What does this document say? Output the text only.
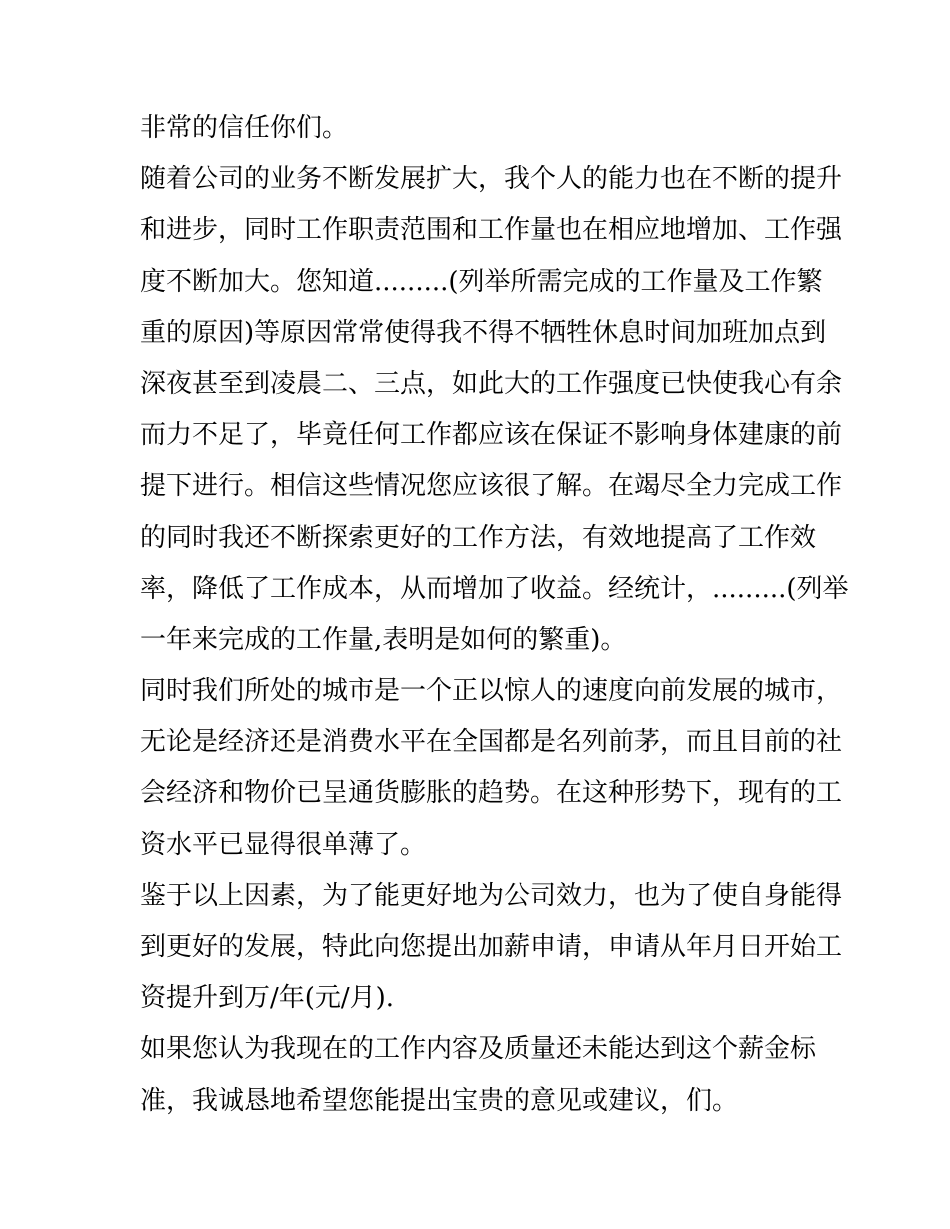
非常的信任你们。
随着公司的业务不断发展扩大，我个人的能力也在不断的提升
和进步，同时工作职责范围和工作量也在相应地增加、工作强
度不断加大。您知道.........(列举所需完成的工作量及工作繁
重的原因)等原因常常使得我不得不牺牲休息时间加班加点到
深夜甚至到凌晨二、三点，如此大的工作强度已快使我心有余
而力不足了，毕竟任何工作都应该在保证不影响身体建康的前
提下进行。相信这些情况您应该很了解。在竭尽全力完成工作
的同时我还不断探索更好的工作方法，有效地提高了工作效
率，降低了工作成本，从而增加了收益。经统计，.........(列举
一年来完成的工作量,表明是如何的繁重)。
同时我们所处的城市是一个正以惊人的速度向前发展的城市，
无论是经济还是消费水平在全国都是名列前茅，而且目前的社
会经济和物价已呈通货膨胀的趋势。在这种形势下，现有的工
资水平已显得很单薄了。
鉴于以上因素，为了能更好地为公司效力，也为了使自身能得
到更好的发展，特此向您提出加薪申请，申请从年月日开始工
资提升到万/年(元/月).
如果您认为我现在的工作内容及质量还未能达到这个薪金标
准，我诚恳地希望您能提出宝贵的意见或建议，们。
